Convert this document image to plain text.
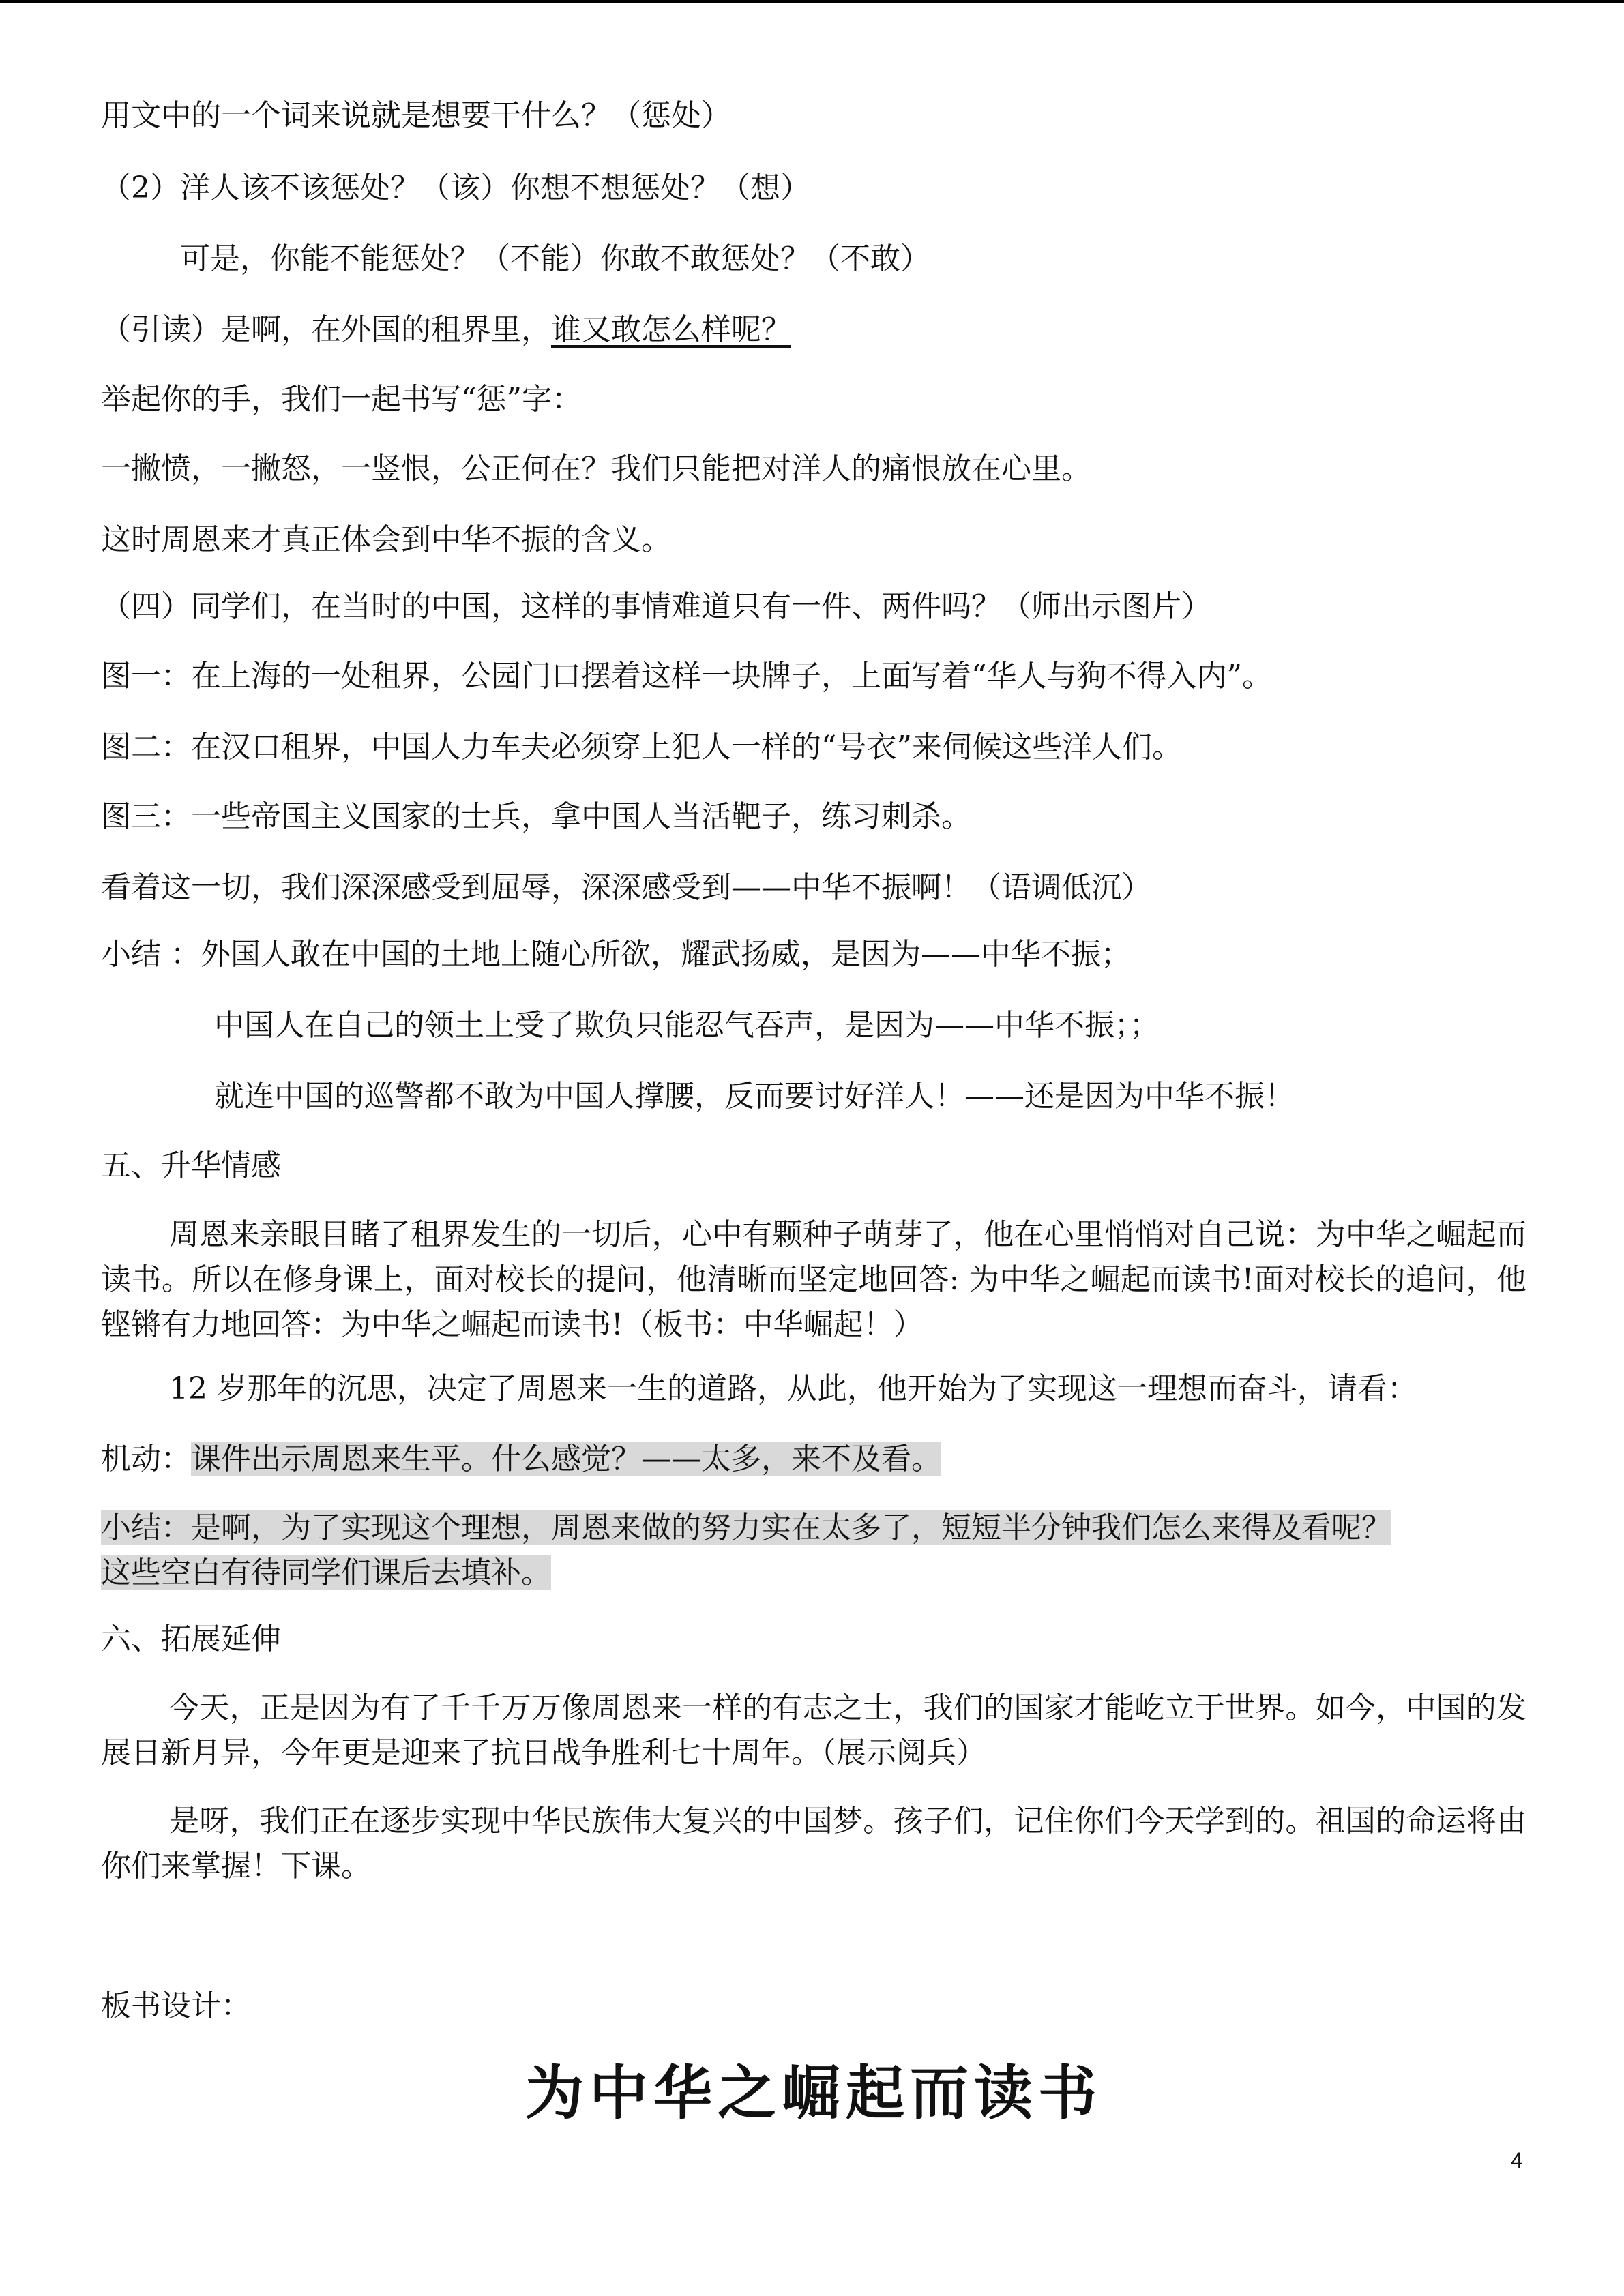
用文中的一个词来说就是想要干什么？（惩处）
（2）洋人该不该惩处？（该）你想不想惩处？（想）
可是，你能不能惩处？（不能）你敢不敢惩处？（不敢）
（引读）是啊，在外国的租界里，谁又敢怎么样呢？
举起你的手，我们一起书写“惩”字：
一撇愤，一撇怒，一竖恨，公正何在？我们只能把对洋人的痛恨放在心里。
这时周恩来才真正体会到中华不振的含义。
（四）同学们，在当时的中国，这样的事情难道只有一件、两件吗？（师出示图片）
图一：在上海的一处租界，公园门口摆着这样一块牌子，上面写着“华人与狗不得入内”。
图二：在汉口租界，中国人力车夫必须穿上犯人一样的“号衣”来伺候这些洋人们。
图三：一些帝国主义国家的士兵，拿中国人当活靶子，练习刺杀。
看着这一切，我们深深感受到屈辱，深深感受到——中华不振啊！（语调低沉）
小结 ：外国人敢在中国的土地上随心所欲，耀武扬威，是因为——中华不振；
中国人在自己的领土上受了欺负只能忍气吞声，是因为——中华不振；；
就连中国的巡警都不敢为中国人撑腰，反而要讨好洋人！——还是因为中华不振！
五、升华情感
周恩来亲眼目睹了租界发生的一切后，心中有颗种子萌芽了，他在心里悄悄对自己说：为中华之崛起而读书。所以在修身课上，面对校长的提问，他清晰而坚定地回答: 为中华之崛起而读书!面对校长的追问，他铿锵有力地回答：为中华之崛起而读书!（板书：中华崛起！）
12 岁那年的沉思，决定了周恩来一生的道路，从此，他开始为了实现这一理想而奋斗，请看：
机动：课件出示周恩来生平。什么感觉？——太多，来不及看。
小结：是啊，为了实现这个理想，周恩来做的努力实在太多了，短短半分钟我们怎么来得及看呢？
这些空白有待同学们课后去填补。
六、拓展延伸
今天，正是因为有了千千万万像周恩来一样的有志之士，我们的国家才能屹立于世界。如今，中国的发展日新月异，今年更是迎来了抗日战争胜利七十周年。（展示阅兵）
是呀，我们正在逐步实现中华民族伟大复兴的中国梦。孩子们，记住你们今天学到的。祖国的命运将由你们来掌握！下课。
板书设计：
为中华之崛起而读书
4
